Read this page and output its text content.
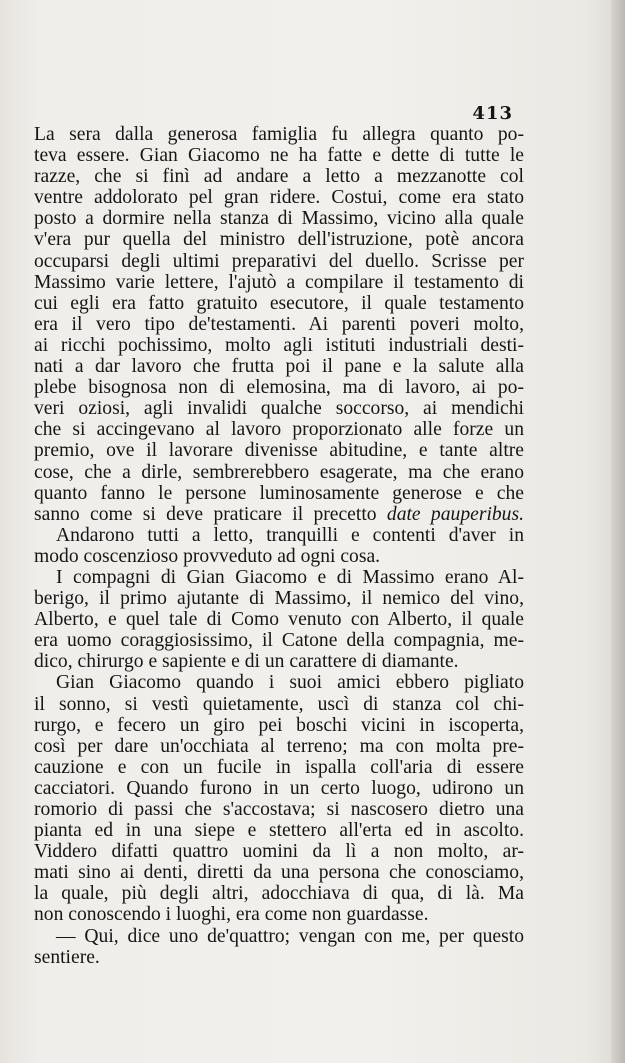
413
La sera dalla generosa famiglia fu allegra quanto po-
teva essere. Gian Giacomo ne ha fatte e dette di tutte le
razze, che si finì ad andare a letto a mezzanotte col
ventre addolorato pel gran ridere. Costui, come era stato
posto a dormire nella stanza di Massimo, vicino alla quale
v'era pur quella del ministro dell'istruzione, potè ancora
occuparsi degli ultimi preparativi del duello. Scrisse per
Massimo varie lettere, l'ajutò a compilare il testamento di
cui egli era fatto gratuito esecutore, il quale testamento
era il vero tipo de'testamenti. Ai parenti poveri molto,
ai ricchi pochissimo, molto agli istituti industriali desti-
nati a dar lavoro che frutta poi il pane e la salute alla
plebe bisognosa non di elemosina, ma di lavoro, ai po-
veri oziosi, agli invalidi qualche soccorso, ai mendichi
che si accingevano al lavoro proporzionato alle forze un
premio, ove il lavorare divenisse abitudine, e tante altre
cose, che a dirle, sembrerebbero esagerate, ma che erano
quanto fanno le persone luminosamente generose e che
sanno come si deve praticare il precetto date pauperibus.
Andarono tutti a letto, tranquilli e contenti d'aver in
modo coscenzioso provveduto ad ogni cosa.
I compagni di Gian Giacomo e di Massimo erano Al-
berigo, il primo ajutante di Massimo, il nemico del vino,
Alberto, e quel tale di Como venuto con Alberto, il quale
era uomo coraggiosissimo, il Catone della compagnia, me-
dico, chirurgo e sapiente e di un carattere di diamante.
Gian Giacomo quando i suoi amici ebbero pigliato
il sonno, si vestì quietamente, uscì di stanza col chi-
rurgo, e fecero un giro pei boschi vicini in iscoperta,
così per dare un'occhiata al terreno; ma con molta pre-
cauzione e con un fucile in ispalla coll'aria di essere
cacciatori. Quando furono in un certo luogo, udirono un
romorio di passi che s'accostava; si nascosero dietro una
pianta ed in una siepe e stettero all'erta ed in ascolto.
Viddero difatti quattro uomini da lì a non molto, ar-
mati sino ai denti, diretti da una persona che conosciamo,
la quale, più degli altri, adocchiava di qua, di là. Ma
non conoscendo i luoghi, era come non guardasse.
— Qui, dice uno de'quattro; vengan con me, per questo
sentiere.
